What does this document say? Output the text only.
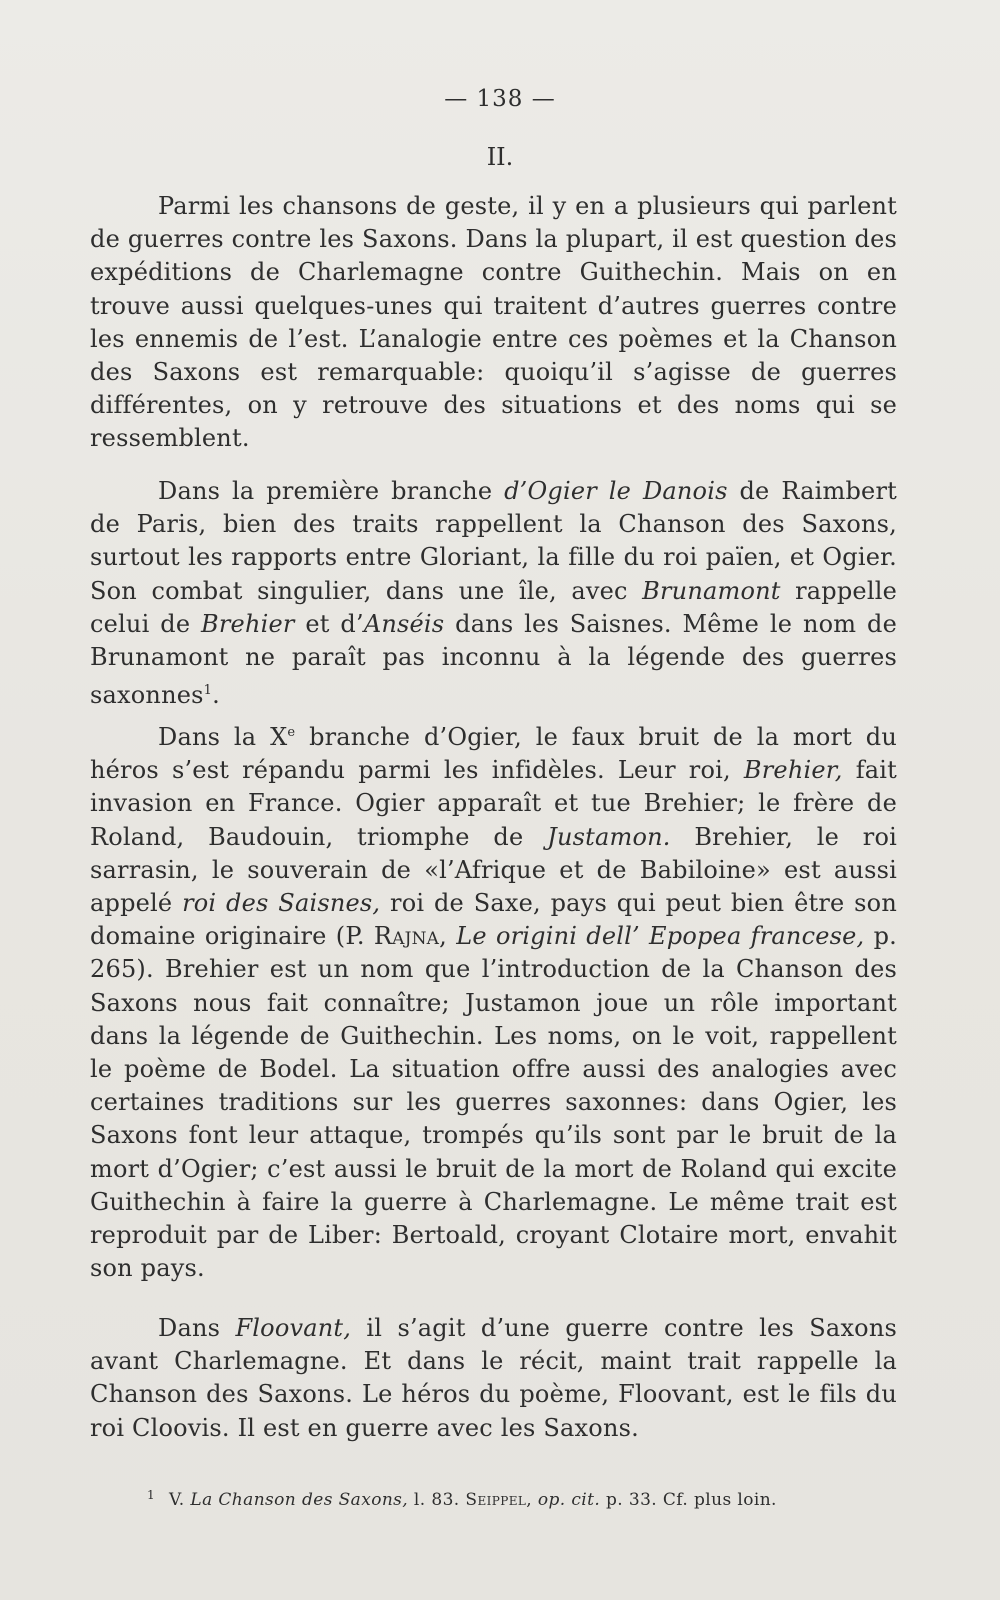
— 138 —
II.

Parmi les chansons de geste, il y en a plusieurs qui parlent de guerres contre les Saxons. Dans la plupart, il est question des expéditions de Charlemagne contre Guithechin. Mais on en trouve aussi quelques-unes qui traitent d’autres guerres contre les ennemis de l’est. L’analogie entre ces poèmes et la Chanson des Saxons est remarquable: quoiqu’il s’agisse de guerres différentes, on y retrouve des situations et des noms qui se ressemblent.

Dans la première branche d’Ogier le Danois de Raimbert de Paris, bien des traits rappellent la Chanson des Saxons, surtout les rapports entre Gloriant, la fille du roi païen, et Ogier. Son combat singulier, dans une île, avec Brunamont rappelle celui de Brehier et d’Anséis dans les Saisnes. Même le nom de Brunamont ne paraît pas inconnu à la légende des guerres saxonnes$^1$.

Dans la Xe branche d’Ogier, le faux bruit de la mort du héros s’est répandu parmi les infidèles. Leur roi, Brehier, fait invasion en France. Ogier apparaît et tue Brehier; le frère de Roland, Baudouin, triomphe de Justamon. Brehier, le roi sarrasin, le souverain de «l’Afrique et de Babiloine» est aussi appelé roi des Saisnes, roi de Saxe, pays qui peut bien être son domaine originaire (P. Rajna, Le origini dell’ Epopea francese, p. 265). Brehier est un nom que l’introduction de la Chanson des Saxons nous fait connaître; Justamon joue un rôle important dans la légende de Guithechin. Les noms, on le voit, rappellent le poème de Bodel. La situation offre aussi des analogies avec certaines traditions sur les guerres saxonnes: dans Ogier, les Saxons font leur attaque, trompés qu’ils sont par le bruit de la mort d’Ogier; c’est aussi le bruit de la mort de Roland qui excite Guithechin à faire la guerre à Charlemagne. Le même trait est reproduit par de Liber: Bertoald, croyant Clotaire mort, envahit son pays.

Dans Floovant, il s’agit d’une guerre contre les Saxons avant Charlemagne. Et dans le récit, maint trait rappelle la Chanson des Saxons. Le héros du poème, Floovant, est le fils du roi Cloovis. Il est en guerre avec les Saxons.

$^1$ V. La Chanson des Saxons, l. 83. Seippel, op. cit. p. 33. Cf. plus loin.
